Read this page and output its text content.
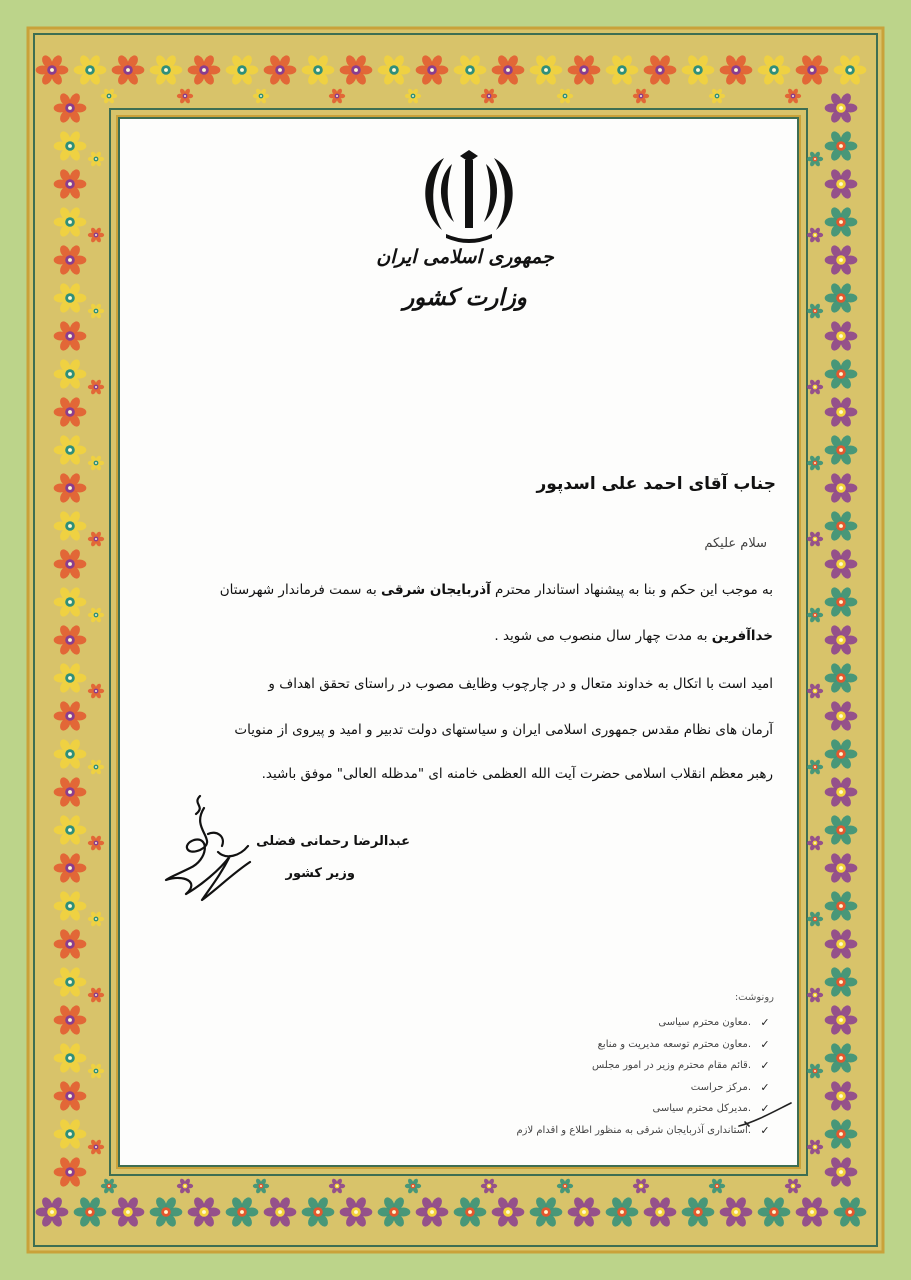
جمهوری اسلامی ایران
وزارت کشور
جناب آقای احمد علی اسدپور
سلام علیکم
به موجب این حکم و بنا به پیشنهاد استاندار محترم آذربایجان شرقی به سمت فرماندار شهرستان
خداآفرین به مدت چهار سال منصوب می شوید .
امید است با اتکال به خداوند متعال و در چارچوب وظایف مصوب در راستای تحقق اهداف و
آرمان های نظام مقدس جمهوری اسلامی ایران و سیاستهای دولت تدبیر و امید و پیروی از منویات
رهبر معظم انقلاب اسلامی حضرت آیت الله العظمی خامنه ای "مدظله العالی" موفق باشید.
عبدالرضا رحمانی فضلی
وزیر کشور
رونوشت:
✓
معاون محترم سیاسی.
✓
معاون محترم توسعه مدیریت و منابع.
✓
قائم مقام محترم وزیر در امور مجلس.
✓
مرکز حراست.
✓
مدیرکل محترم سیاسی.
✓
استانداری آذربایجان شرقی به منظور اطلاع و اقدام لازم.
